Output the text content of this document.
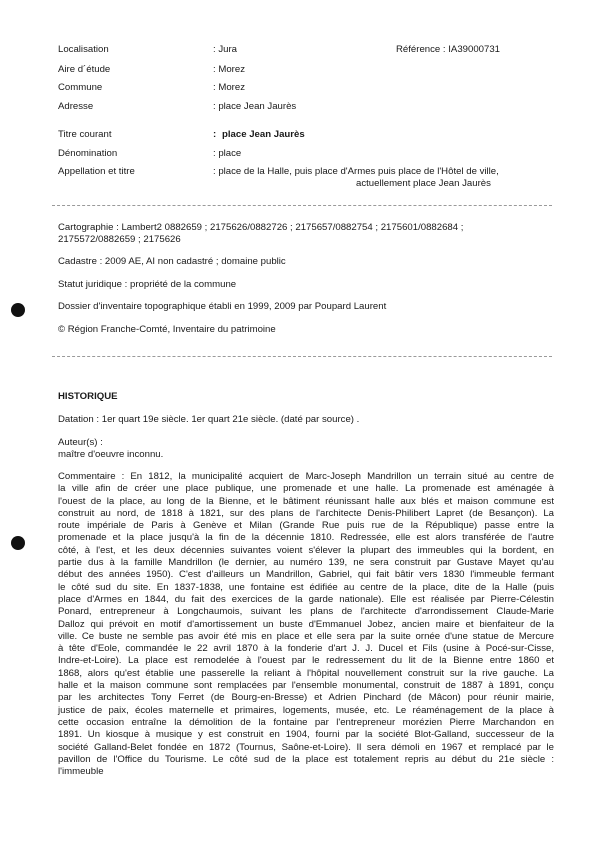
Localisation	: Jura	Référence : IA39000731
Aire d´étude	: Morez
Commune	: Morez
Adresse	: place Jean Jaurès
Titre courant	: place Jean Jaurès
Dénomination	: place
Appellation et titre	: place de la Halle, puis place d'Armes puis place de l'Hôtel de ville,
actuellement place Jean Jaurès
Cartographie : Lambert2 0882659 ; 2175626/0882726 ; 2175657/0882754 ; 2175601/0882684 ;
2175572/0882659 ; 2175626
Cadastre : 2009 AE, AI non cadastré ; domaine public
Statut juridique : propriété de la commune
Dossier d'inventaire topographique établi en 1999, 2009 par Poupard Laurent
© Région Franche-Comté, Inventaire du patrimoine
HISTORIQUE
Datation : 1er quart 19e siècle. 1er quart 21e siècle. (daté par source) .
Auteur(s) :
maître d'oeuvre inconnu.
Commentaire : En 1812, la municipalité acquiert de Marc-Joseph Mandrillon un terrain situé au centre de
la ville afin de créer une place publique, une promenade et une halle. La promenade est aménagée à
l'ouest de la place, au long de la Bienne, et le bâtiment réunissant halle aux blés et maison commune est
construit au nord, de 1818 à 1821, sur des plans de l'architecte Denis-Philibert Lapret (de Besançon). La
route impériale de Paris à Genève et Milan (Grande Rue puis rue de la République) passe entre la
promenade et la place jusqu'à la fin de la décennie 1810. Redressée, elle est alors transférée de l'autre
côté, à l'est, et les deux décennies suivantes voient s'élever la plupart des immeubles qui la bordent, en
partie dus à la famille Mandrillon (le dernier, au numéro 139, ne sera construit par Gustave Mayet qu'au
début des années 1950). C'est d'ailleurs un Mandrillon, Gabriel, qui fait bâtir vers 1830 l'immeuble fermant
le côté sud du site. En 1837-1838, une fontaine est édifiée au centre de la place, dite de la Halle (puis
place d'Armes en 1844, du fait des exercices de la garde nationale). Elle est réalisée par Pierre-Célestin
Ponard, entrepreneur à Longchaumois, suivant les plans de l'architecte d'arrondissement Claude-Marie
Dalloz qui prévoit en motif d'amortissement un buste d'Emmanuel Jobez, ancien maire et bienfaiteur de la
ville. Ce buste ne semble pas avoir été mis en place et elle sera par la suite ornée d'une statue de Mercure
à tête d'Eole, commandée le 22 avril 1870 à la fonderie d'art J. J. Ducel et Fils (usine à Pocé-sur-Cisse,
Indre-et-Loire). La place est remodelée à l'ouest par le redressement du lit de la Bienne entre 1860 et
1868, alors qu'est établie une passerelle la reliant à l'hôpital nouvellement construit sur la rive gauche. La
halle et la maison commune sont remplacées par l'ensemble monumental, construit de 1887 à 1891, conçu
par les architectes Tony Ferret (de Bourg-en-Bresse) et Adrien Pinchard (de Mâcon) pour réunir mairie,
justice de paix, écoles maternelle et primaires, logements, musée, etc. Le réaménagement de la place à
cette occasion entraîne la démolition de la fontaine par l'entrepreneur morézien Pierre Marchandon en
1891. Un kiosque à musique y est construit en 1904, fourni par la société Blot-Galland, successeur de la
société Galland-Belet fondée en 1872 (Tournus, Saône-et-Loire). Il sera démoli en 1967 et remplacé par le
pavillon de l'Office du Tourisme. Le côté sud de la place est totalement repris au début du 21e siècle :
l'immeuble
